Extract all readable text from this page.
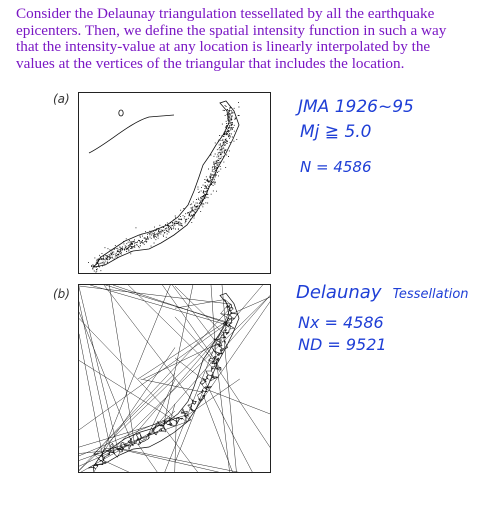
Consider the Delaunay triangulation tessellated by all the earthquake epicenters. Then, we define the spatial intensity function in such a way that the intensity-value at any location is linearly interpolated by the values at the vertices of the triangular that includes the location.
(a)	JMA 1926~95
Mj ≧ 5.0
N = 4586
(b)	Delaunay Tessellation
Nx = 4586
ND = 9521
